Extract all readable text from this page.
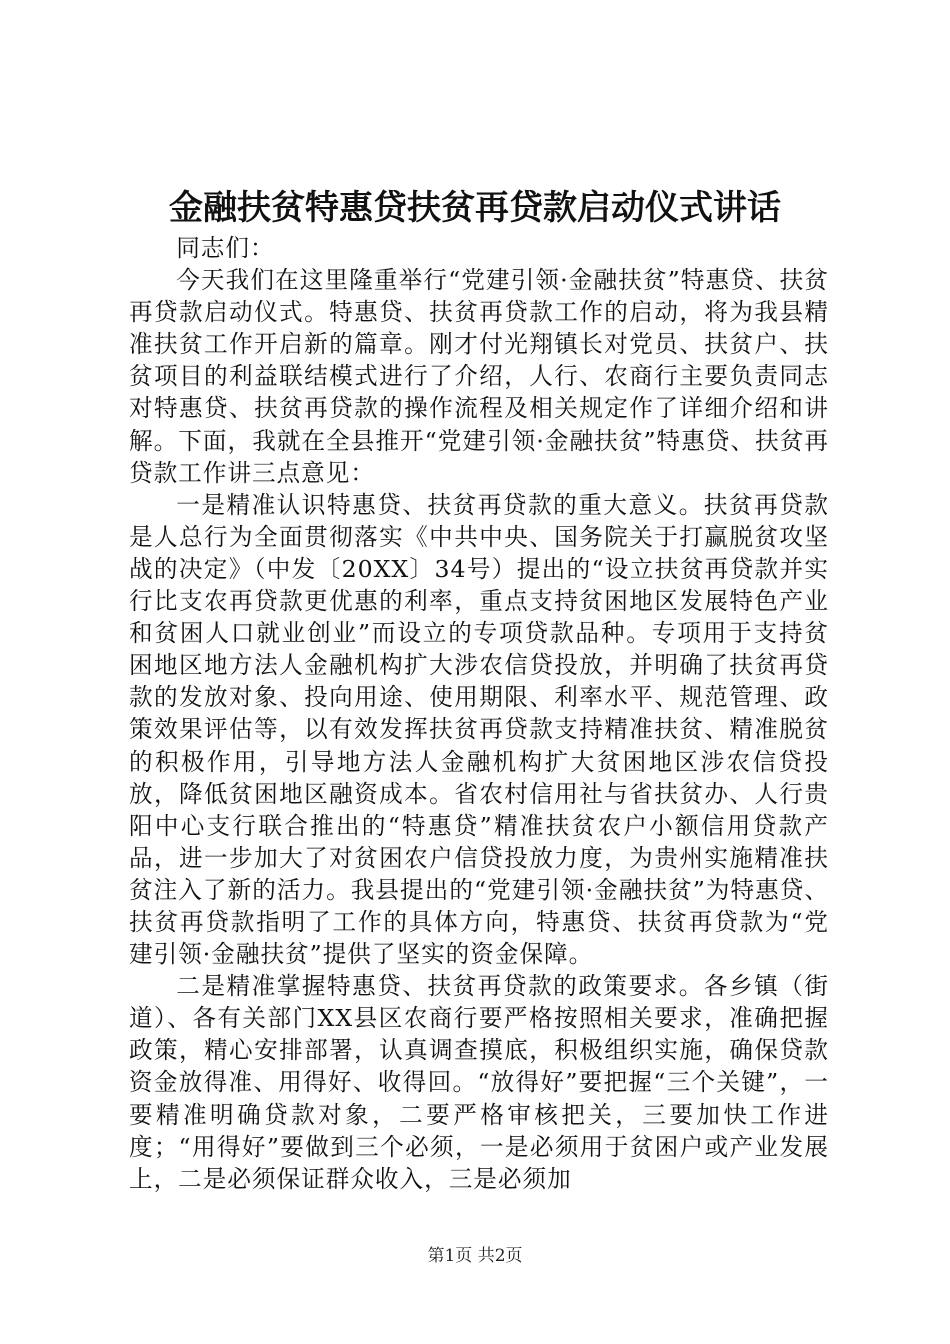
金融扶贫特惠贷扶贫再贷款启动仪式讲话

同志们：

今天我们在这里隆重举行“党建引领·金融扶贫”特惠贷、扶贫再贷款启动仪式。特惠贷、扶贫再贷款工作的启动，将为我县精准扶贫工作开启新的篇章。刚才付光翔镇长对党员、扶贫户、扶贫项目的利益联结模式进行了介绍，人行、农商行主要负责同志对特惠贷、扶贫再贷款的操作流程及相关规定作了详细介绍和讲解。下面，我就在全县推开“党建引领·金融扶贫”特惠贷、扶贫再贷款工作讲三点意见：

一是精准认识特惠贷、扶贫再贷款的重大意义。扶贫再贷款是人总行为全面贯彻落实《中共中央、国务院关于打赢脱贫攻坚战的决定》（中发〔20XX〕34号）提出的“设立扶贫再贷款并实行比支农再贷款更优惠的利率，重点支持贫困地区发展特色产业和贫困人口就业创业”而设立的专项贷款品种。专项用于支持贫困地区地方法人金融机构扩大涉农信贷投放，并明确了扶贫再贷款的发放对象、投向用途、使用期限、利率水平、规范管理、政策效果评估等，以有效发挥扶贫再贷款支持精准扶贫、精准脱贫的积极作用，引导地方法人金融机构扩大贫困地区涉农信贷投放，降低贫困地区融资成本。省农村信用社与省扶贫办、人行贵阳中心支行联合推出的“特惠贷”精准扶贫农户小额信用贷款产品，进一步加大了对贫困农户信贷投放力度，为贵州实施精准扶贫注入了新的活力。我县提出的“党建引领·金融扶贫”为特惠贷、扶贫再贷款指明了工作的具体方向，特惠贷、扶贫再贷款为“党建引领·金融扶贫”提供了坚实的资金保障。

二是精准掌握特惠贷、扶贫再贷款的政策要求。各乡镇（街道）、各有关部门XX县区农商行要严格按照相关要求，准确把握政策，精心安排部署，认真调查摸底，积极组织实施，确保贷款资金放得准、用得好、收得回。“放得好”要把握“三个关键”，一要精准明确贷款对象，二要严格审核把关，三要加快工作进度；“用得好”要做到三个必须，一是必须用于贫困户或产业发展上，二是必须保证群众收入，三是必须加

第1页 共2页
